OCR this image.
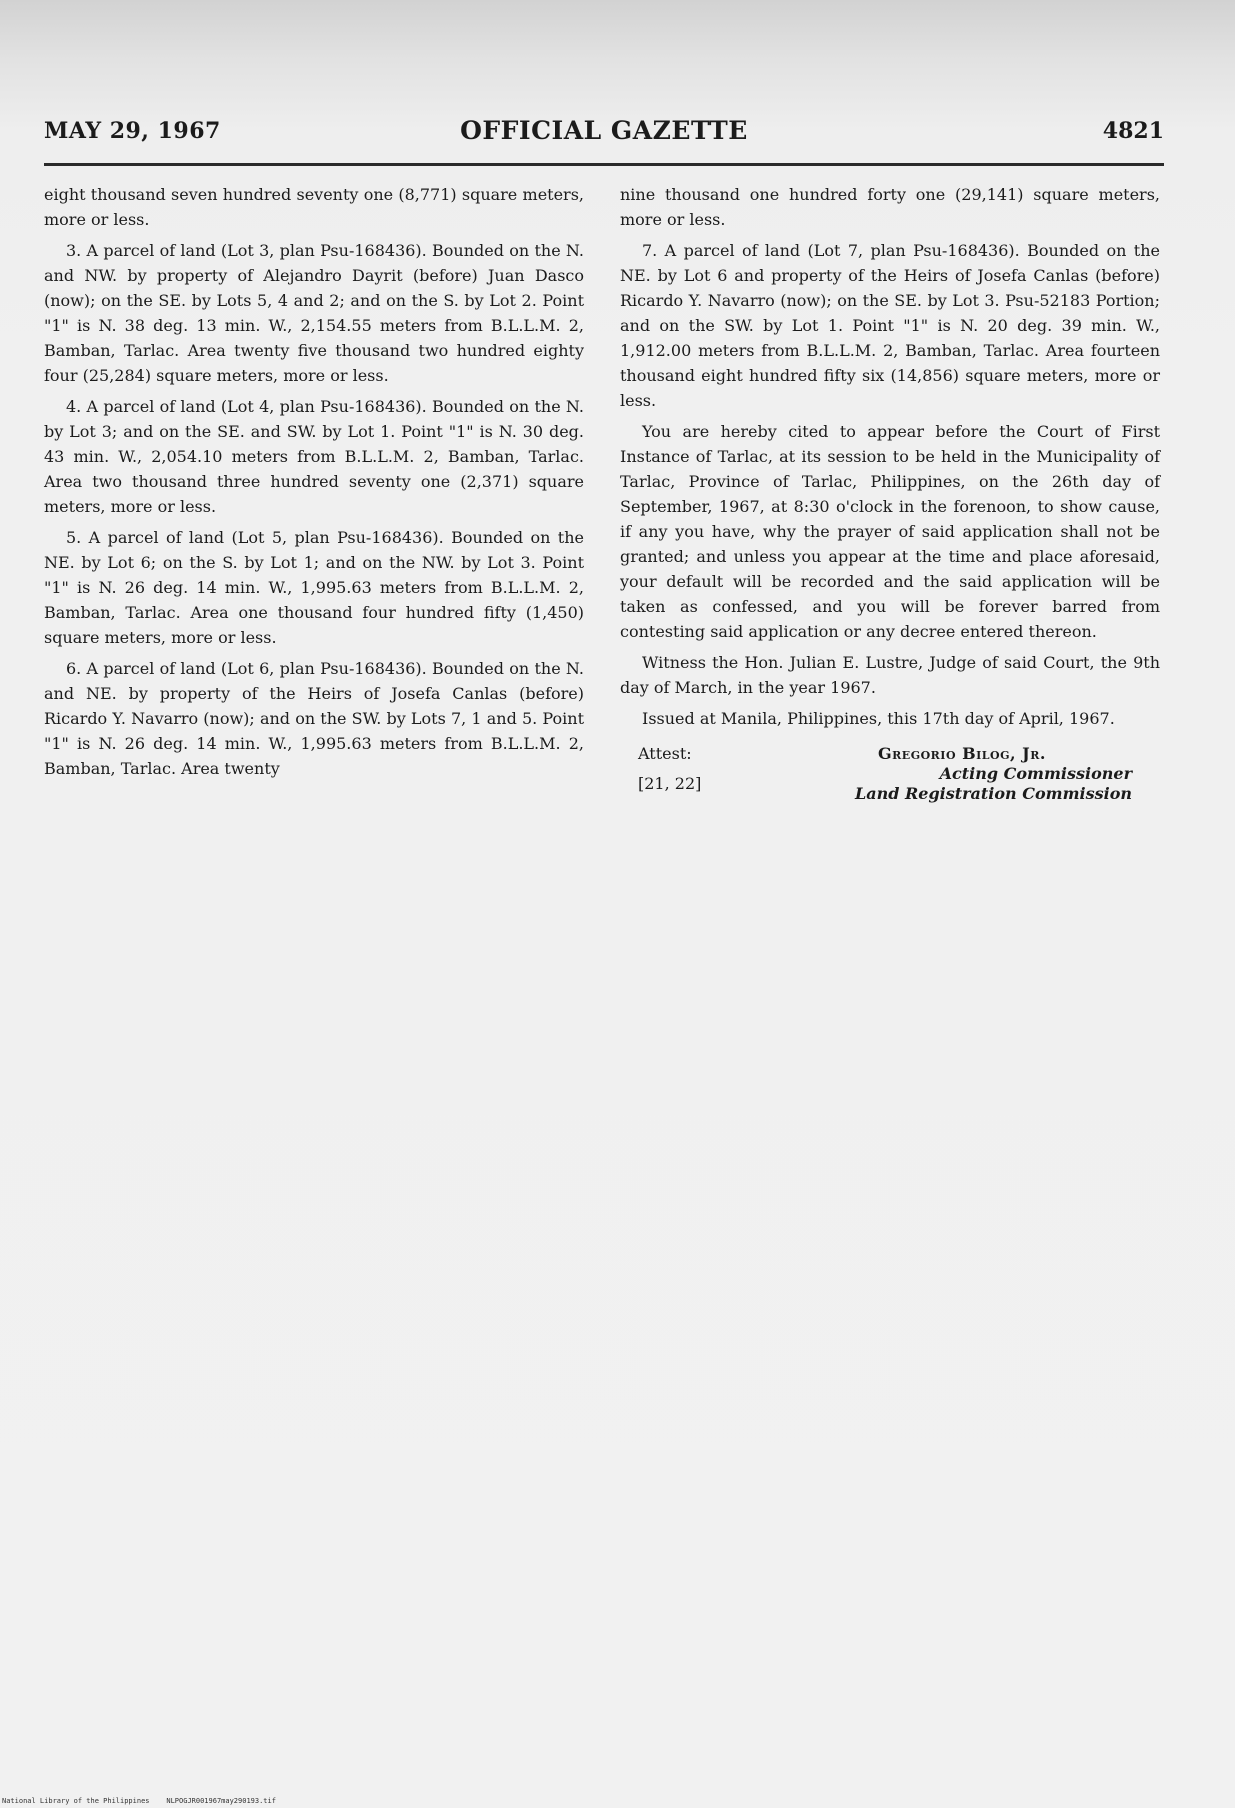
MAY 29, 1967	OFFICIAL GAZETTE	4821

eight thousand seven hundred seventy one (8,771) square meters, more or less.

3. A parcel of land (Lot 3, plan Psu-168436). Bounded on the N. and NW. by property of Alejandro Dayrit (before) Juan Dasco (now); on the SE. by Lots 5, 4 and 2; and on the S. by Lot 2. Point "1" is N. 38 deg. 13 min. W., 2,154.55 meters from B.L.L.M. 2, Bamban, Tarlac. Area twenty five thousand two hundred eighty four (25,284) square meters, more or less.

4. A parcel of land (Lot 4, plan Psu-168436). Bounded on the N. by Lot 3; and on the SE. and SW. by Lot 1. Point "1" is N. 30 deg. 43 min. W., 2,054.10 meters from B.L.L.M. 2, Bamban, Tarlac. Area two thousand three hundred seventy one (2,371) square meters, more or less.

5. A parcel of land (Lot 5, plan Psu-168436). Bounded on the NE. by Lot 6; on the S. by Lot 1; and on the NW. by Lot 3. Point "1" is N. 26 deg. 14 min. W., 1,995.63 meters from B.L.L.M. 2, Bamban, Tarlac. Area one thousand four hundred fifty (1,450) square meters, more or less.

6. A parcel of land (Lot 6, plan Psu-168436). Bounded on the N. and NE. by property of the Heirs of Josefa Canlas (before) Ricardo Y. Navarro (now); and on the SW. by Lots 7, 1 and 5. Point "1" is N. 26 deg. 14 min. W., 1,995.63 meters from B.L.L.M. 2, Bamban, Tarlac. Area twenty

nine thousand one hundred forty one (29,141) square meters, more or less.

7. A parcel of land (Lot 7, plan Psu-168436). Bounded on the NE. by Lot 6 and property of the Heirs of Josefa Canlas (before) Ricardo Y. Navarro (now); on the SE. by Lot 3. Psu-52183 Portion; and on the SW. by Lot 1. Point "1" is N. 20 deg. 39 min. W., 1,912.00 meters from B.L.L.M. 2, Bamban, Tarlac. Area fourteen thousand eight hundred fifty six (14,856) square meters, more or less.

You are hereby cited to appear before the Court of First Instance of Tarlac, at its session to be held in the Municipality of Tarlac, Province of Tarlac, Philippines, on the 26th day of September, 1967, at 8:30 o'clock in the forenoon, to show cause, if any you have, why the prayer of said application shall not be granted; and unless you appear at the time and place aforesaid, your default will be recorded and the said application will be taken as confessed, and you will be forever barred from contesting said application or any decree entered thereon.

Witness the Hon. Julian E. Lustre, Judge of said Court, the 9th day of March, in the year 1967.

Issued at Manila, Philippines, this 17th day of April, 1967.

Attest:
[21, 22]
Gregorio Bilog, Jr.
Acting Commissioner
Land Registration Commission
National Library of the Philippines NLPOGJR001967may290193.tif
